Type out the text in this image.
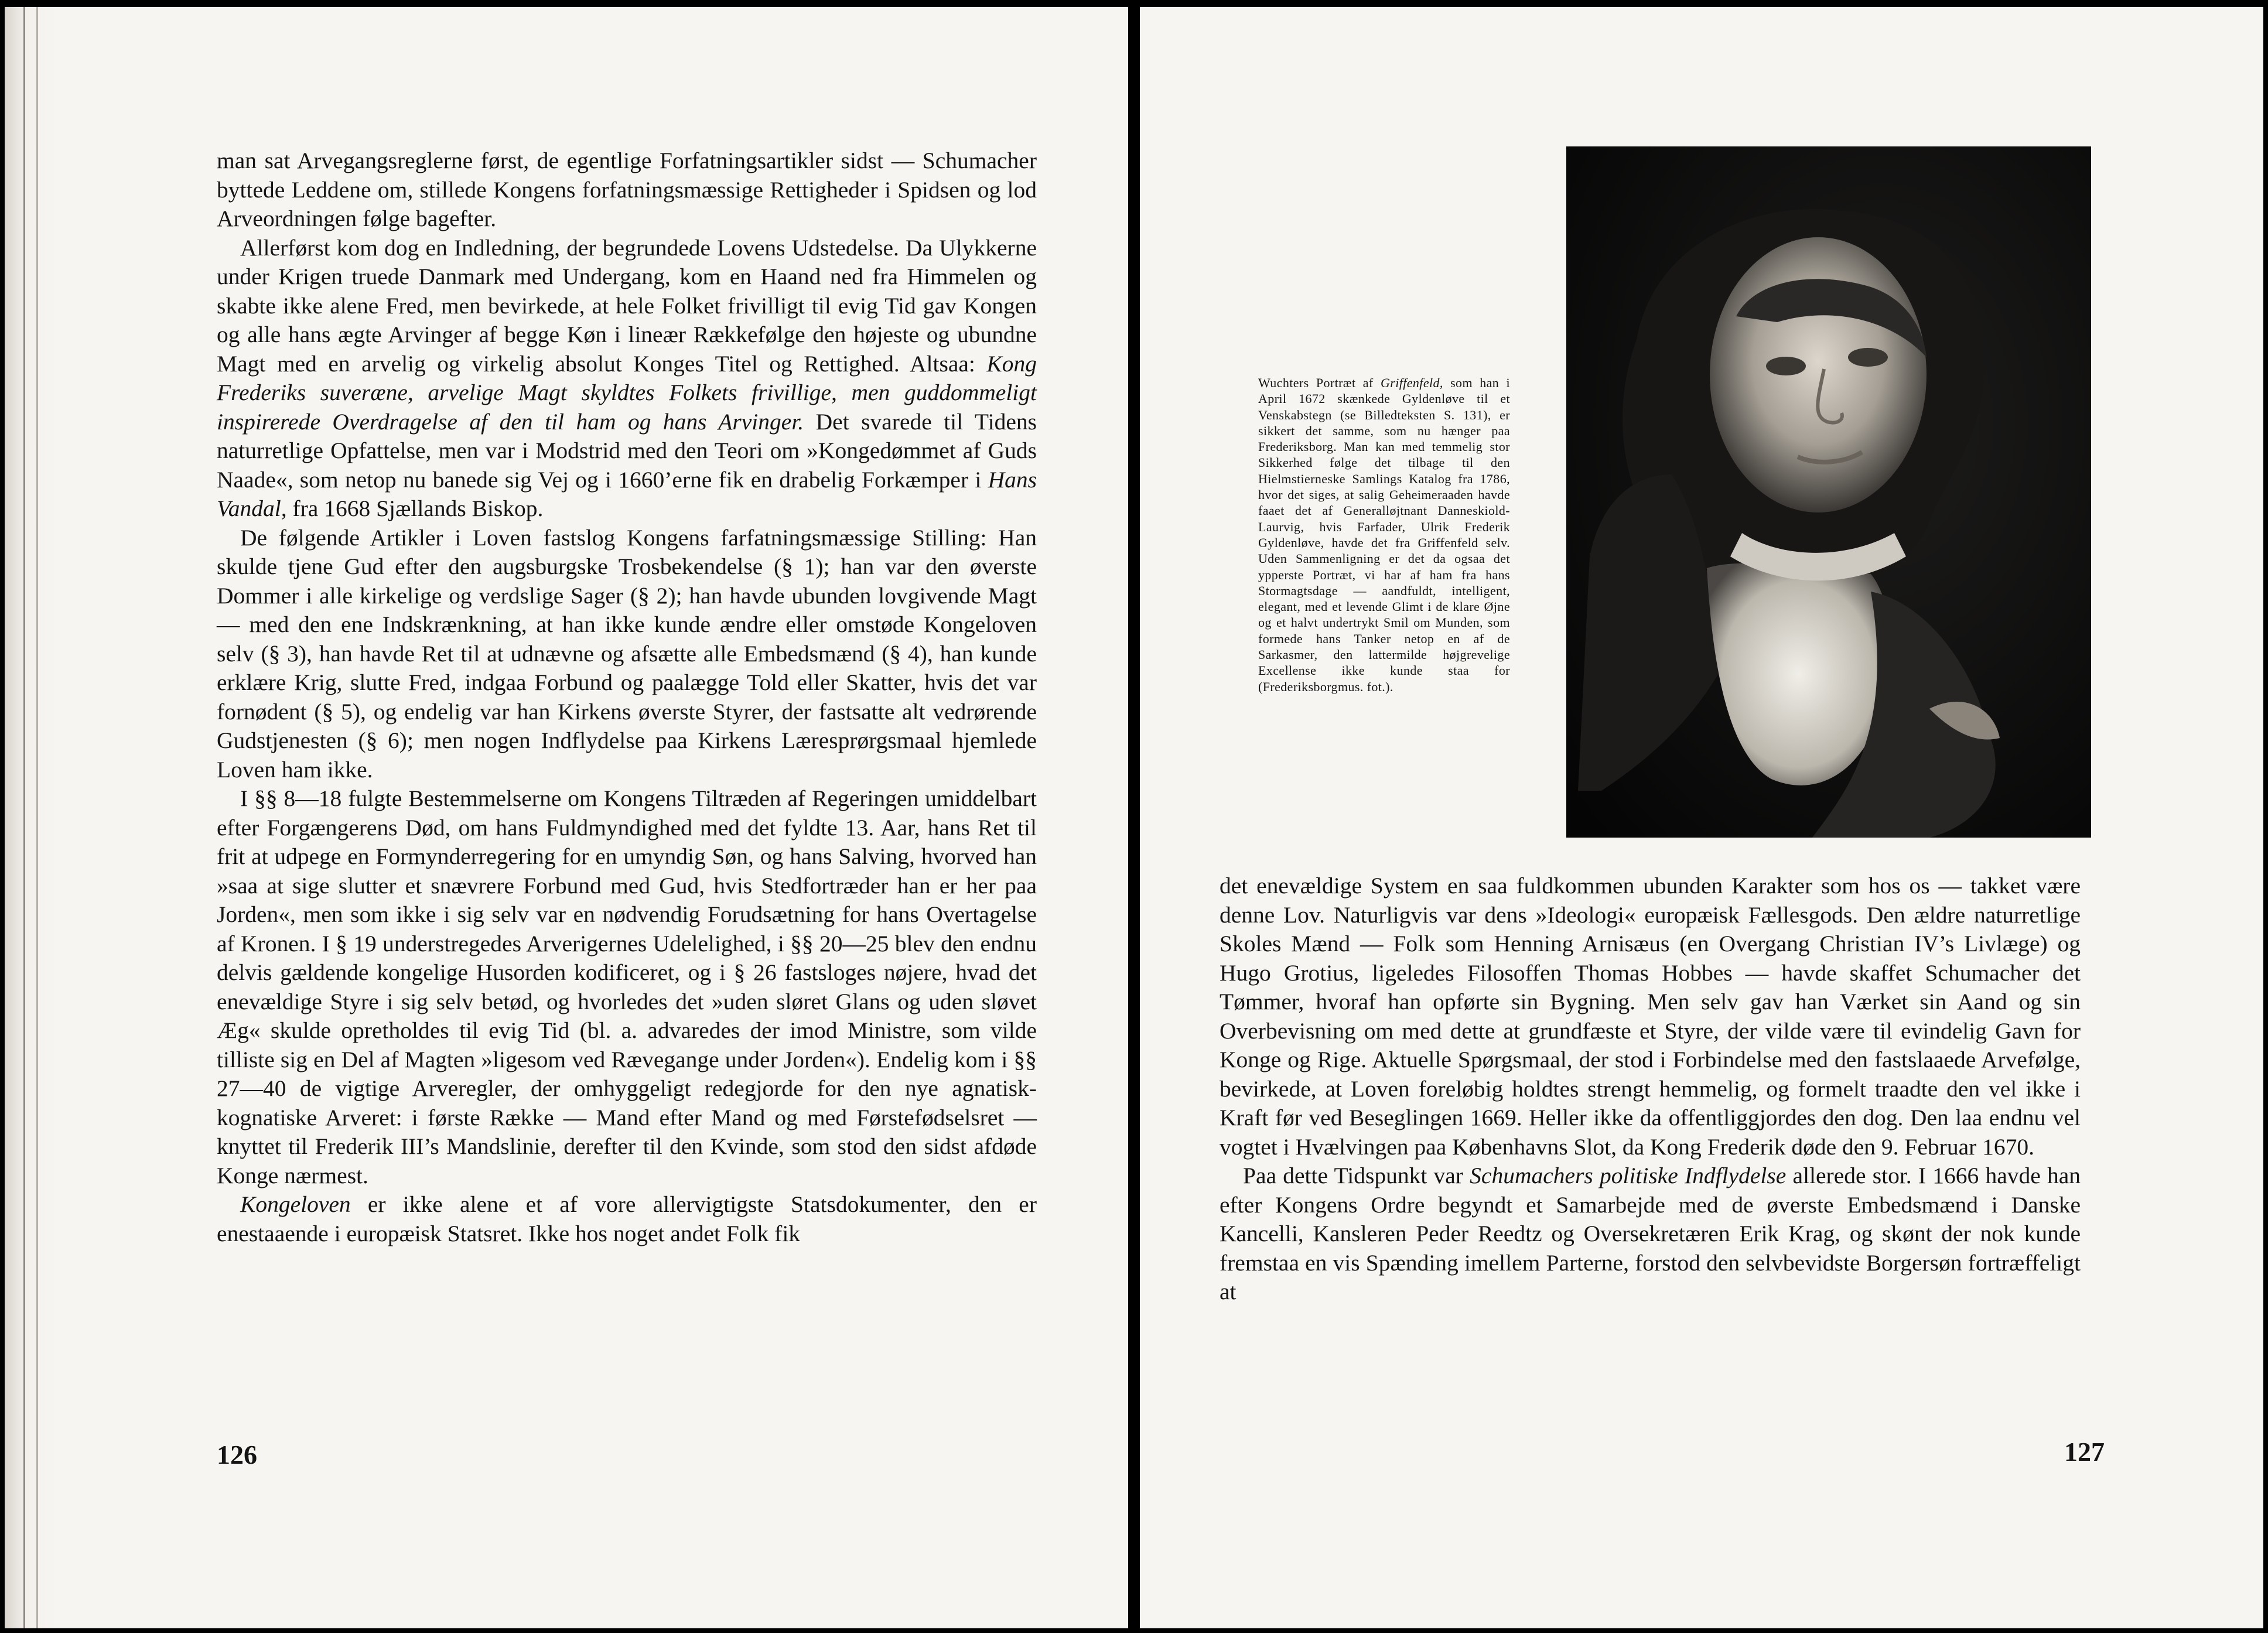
man sat Arvegangsreglerne først, de egentlige Forfatningsartikler sidst — Schumacher byttede Leddene om, stillede Kongens forfatningsmæssige Rettigheder i Spidsen og lod Arveordningen følge bagefter.

Allerførst kom dog en Indledning, der begrundede Lovens Udstedelse. Da Ulykkerne under Krigen truede Danmark med Undergang, kom en Haand ned fra Himmelen og skabte ikke alene Fred, men bevirkede, at hele Folket frivilligt til evig Tid gav Kongen og alle hans ægte Arvinger af begge Køn i lineær Rækkefølge den højeste og ubundne Magt med en arvelig og virkelig absolut Konges Titel og Rettighed. Altsaa: Kong Frederiks suveræne, arvelige Magt skyldtes Folkets frivillige, men guddommeligt inspirerede Overdragelse af den til ham og hans Arvinger. Det svarede til Tidens naturretlige Opfattelse, men var i Modstrid med den Teori om »Kongedømmet af Guds Naade«, som netop nu banede sig Vej og i 1660’erne fik en drabelig Forkæmper i Hans Vandal, fra 1668 Sjællands Biskop.

De følgende Artikler i Loven fastslog Kongens farfatningsmæssige Stilling: Han skulde tjene Gud efter den augsburgske Trosbekendelse (§ 1); han var den øverste Dommer i alle kirkelige og verdslige Sager (§ 2); han havde ubunden lovgivende Magt — med den ene Indskrænkning, at han ikke kunde ændre eller omstøde Kongeloven selv (§ 3), han havde Ret til at udnævne og afsætte alle Embedsmænd (§ 4), han kunde erklære Krig, slutte Fred, indgaa Forbund og paalægge Told eller Skatter, hvis det var fornødent (§ 5), og endelig var han Kirkens øverste Styrer, der fastsatte alt vedrørende Gudstjenesten (§ 6); men nogen Indflydelse paa Kirkens Læresprørgsmaal hjemlede Loven ham ikke.

I §§ 8—18 fulgte Bestemmelserne om Kongens Tiltræden af Regeringen umiddelbart efter Forgængerens Død, om hans Fuldmyndighed med det fyldte 13. Aar, hans Ret til frit at udpege en Formynderregering for en umyndig Søn, og hans Salving, hvorved han »saa at sige slutter et snævrere Forbund med Gud, hvis Stedfortræder han er her paa Jorden«, men som ikke i sig selv var en nødvendig Forudsætning for hans Overtagelse af Kronen. I § 19 understregedes Arverigernes Udelelighed, i §§ 20—25 blev den endnu delvis gældende kongelige Husorden kodificeret, og i § 26 fastsloges nøjere, hvad det enevældige Styre i sig selv betød, og hvorledes det »uden sløret Glans og uden sløvet Æg« skulde opretholdes til evig Tid (bl. a. advaredes der imod Ministre, som vilde tilliste sig en Del af Magten »ligesom ved Rævegange under Jorden«). Endelig kom i §§ 27—40 de vigtige Arveregler, der omhyggeligt redegjorde for den nye agnatisk-kognatiske Arveret: i første Række — Mand efter Mand og med Førstefødselsret — knyttet til Frederik III’s Mandslinie, derefter til den Kvinde, som stod den sidst afdøde Konge nærmest.

Kongeloven er ikke alene et af vore allervigtigste Statsdokumenter, den er enestaaende i europæisk Statsret. Ikke hos noget andet Folk fik

126
Wuchters Portræt af Griffenfeld, som han i April 1672 skænkede Gyldenløve til et Venskabstegn (se Billedteksten S. 131), er sikkert det samme, som nu hænger paa Frederiksborg. Man kan med temmelig stor Sikkerhed følge det tilbage til den Hielmstierneske Samlings Katalog fra 1786, hvor det siges, at salig Geheimeraaden havde faaet det af Generalløjtnant Danneskiold-Laurvig, hvis Farfader, Ulrik Frederik Gyldenløve, havde det fra Griffenfeld selv. Uden Sammenligning er det da ogsaa det ypperste Portræt, vi har af ham fra hans Stormagtsdage — aandfuldt, intelligent, elegant, med et levende Glimt i de klare Øjne og et halvt undertrykt Smil om Munden, som formede hans Tanker netop en af de Sarkasmer, den lattermilde højgrevelige Excellense ikke kunde staa for (Frederiksborgmus. fot.).

det enevældige System en saa fuldkommen ubunden Karakter som hos os — takket være denne Lov. Naturligvis var dens »Ideologi« europæisk Fællesgods. Den ældre naturretlige Skoles Mænd — Folk som Henning Arnisæus (en Overgang Christian IV’s Livlæge) og Hugo Grotius, ligeledes Filosoffen Thomas Hobbes — havde skaffet Schumacher det Tømmer, hvoraf han opførte sin Bygning. Men selv gav han Værket sin Aand og sin Overbevisning om med dette at grundfæste et Styre, der vilde være til evindelig Gavn for Konge og Rige. Aktuelle Spørgsmaal, der stod i Forbindelse med den fastslaaede Arvefølge, bevirkede, at Loven foreløbig holdtes strengt hemmelig, og formelt traadte den vel ikke i Kraft før ved Beseglingen 1669. Heller ikke da offentliggjordes den dog. Den laa endnu vel vogtet i Hvælvingen paa Københavns Slot, da Kong Frederik døde den 9. Februar 1670.

Paa dette Tidspunkt var Schumachers politiske Indflydelse allerede stor. I 1666 havde han efter Kongens Ordre begyndt et Samarbejde med de øverste Embedsmænd i Danske Kancelli, Kansleren Peder Reedtz og Oversekretæren Erik Krag, og skønt der nok kunde fremstaa en vis Spænding imellem Parterne, forstod den selvbevidste Borgersøn fortræffeligt at

127
